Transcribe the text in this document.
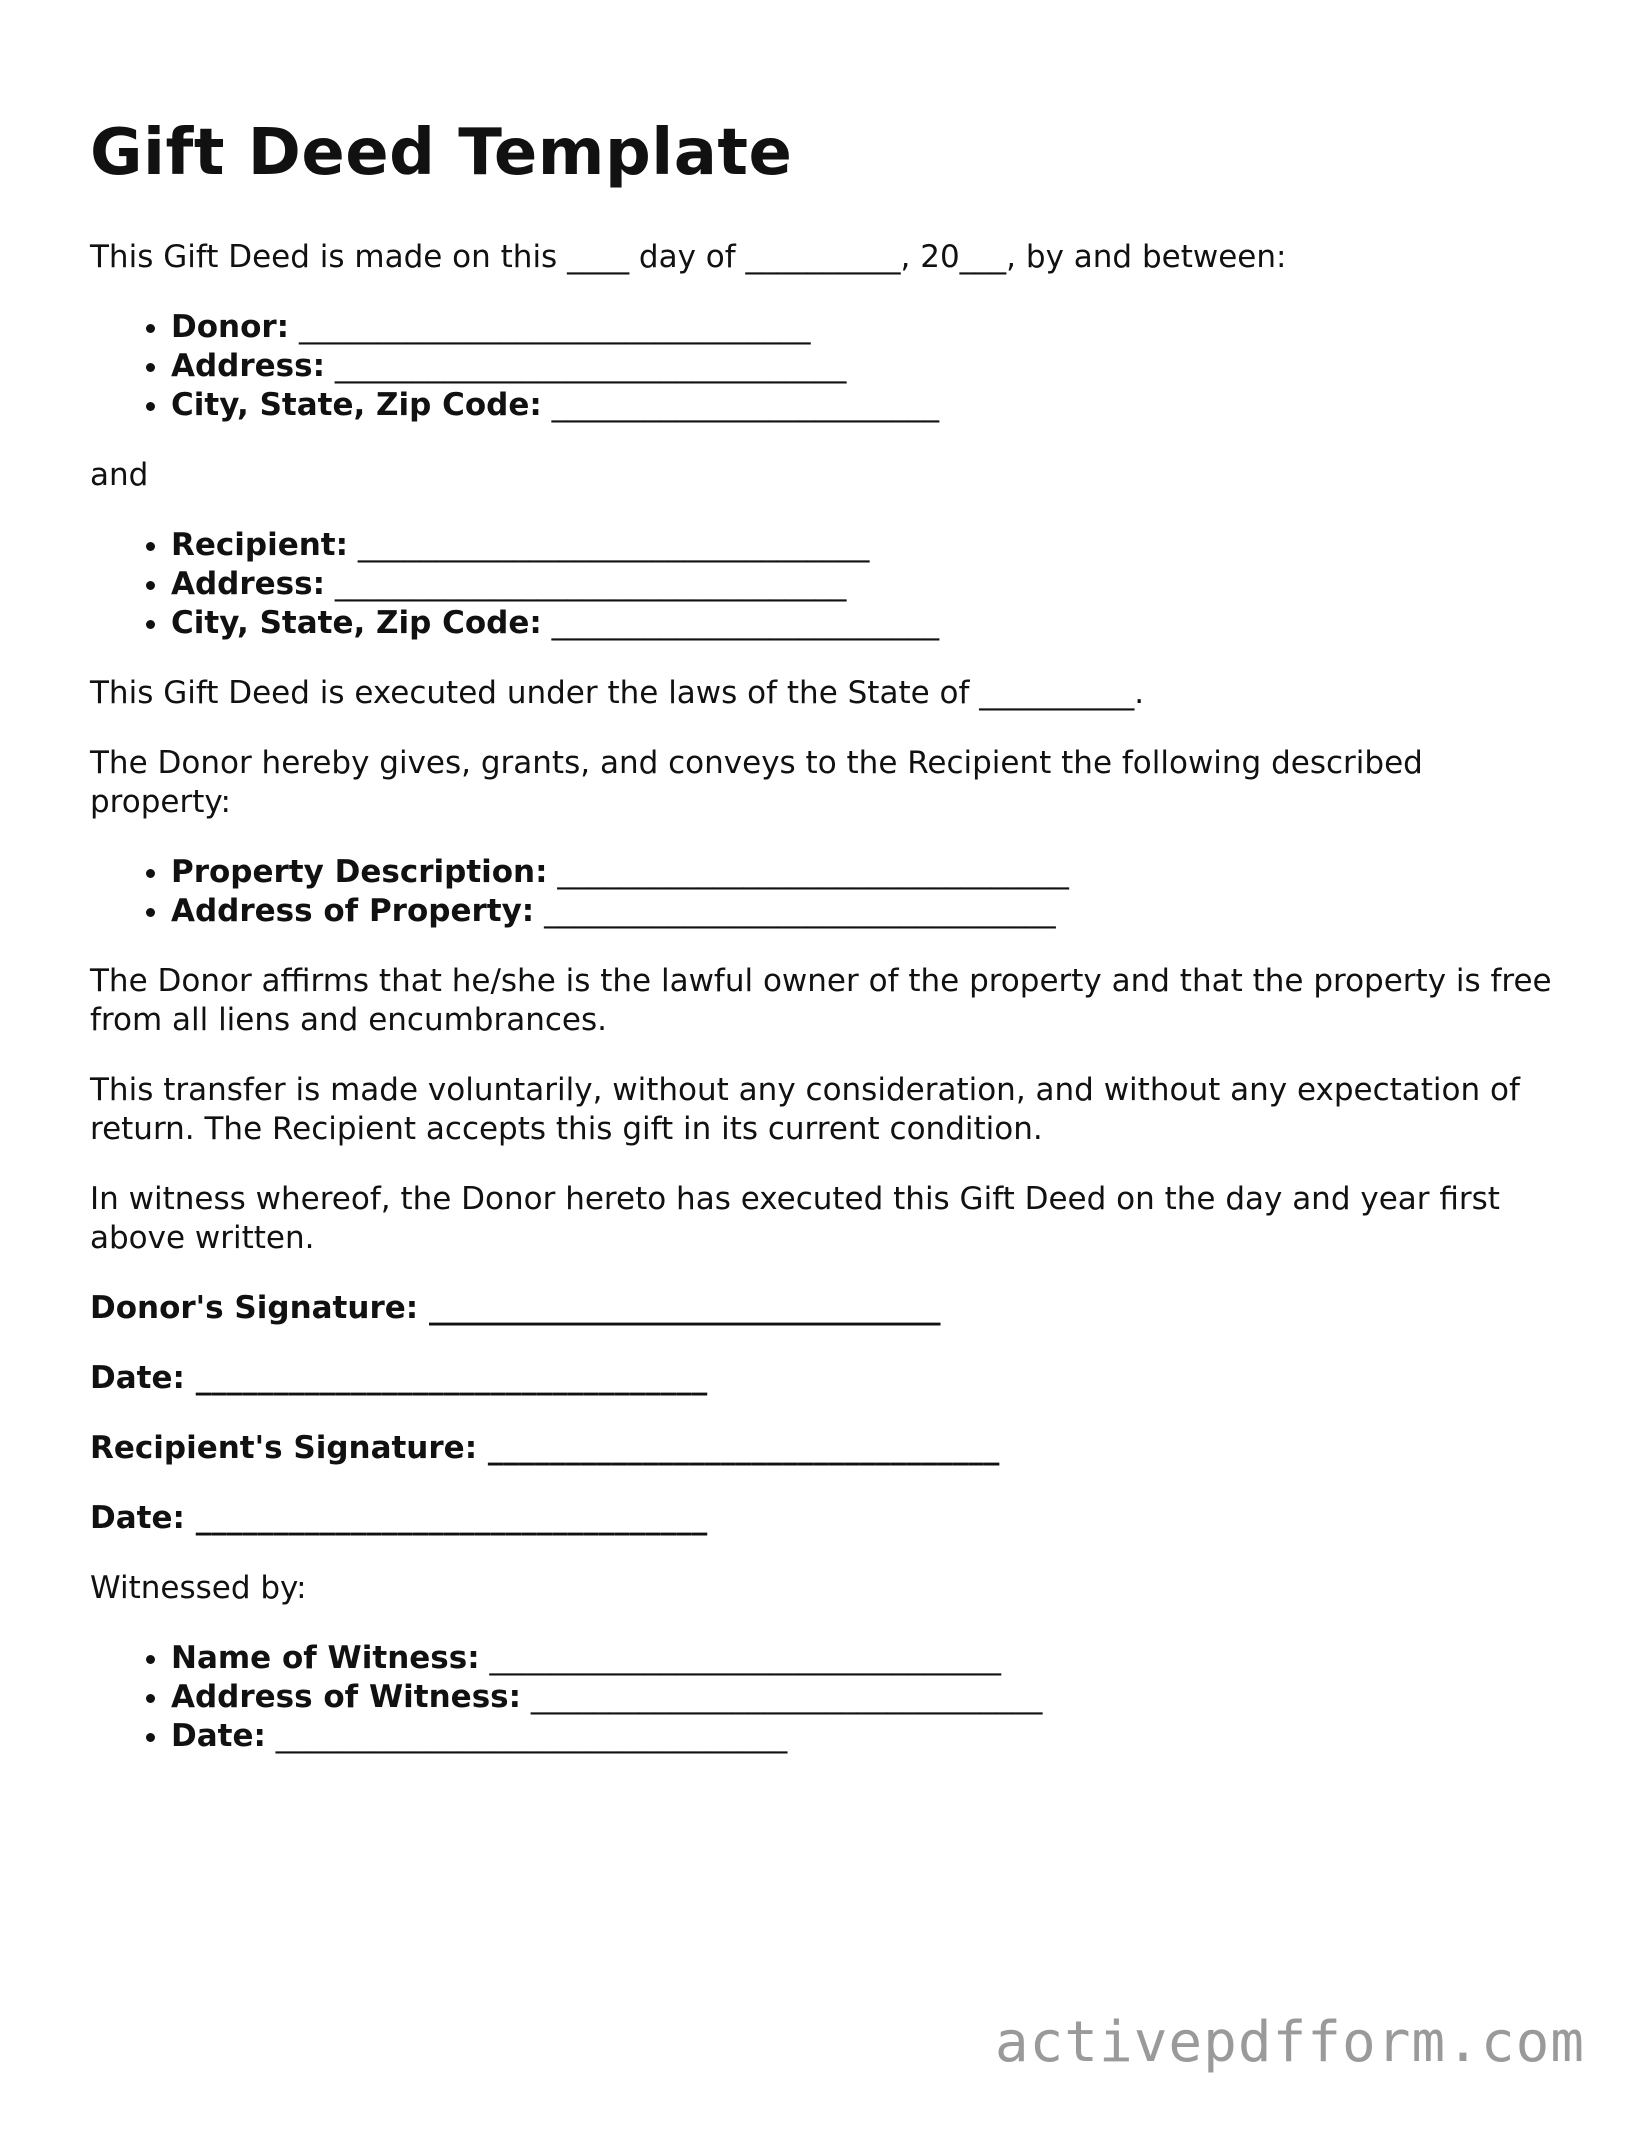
Gift Deed Template

This Gift Deed is made on this ____ day of __________, 20___, by and between:

• Donor: _________________________________
• Address: _________________________________
• City, State, Zip Code: _________________________

and

• Recipient: _________________________________
• Address: _________________________________
• City, State, Zip Code: _________________________

This Gift Deed is executed under the laws of the State of __________.

The Donor hereby gives, grants, and conveys to the Recipient the following described property:

• Property Description: _________________________________
• Address of Property: _________________________________

The Donor affirms that he/she is the lawful owner of the property and that the property is free from all liens and encumbrances.

This transfer is made voluntarily, without any consideration, and without any expectation of return. The Recipient accepts this gift in its current condition.

In witness whereof, the Donor hereto has executed this Gift Deed on the day and year first above written.

Donor's Signature: _________________________________
Date: _________________________________
Recipient's Signature: _________________________________
Date: _________________________________

Witnessed by:

• Name of Witness: _________________________________
• Address of Witness: _________________________________
• Date: _________________________________
activepdfform.com
